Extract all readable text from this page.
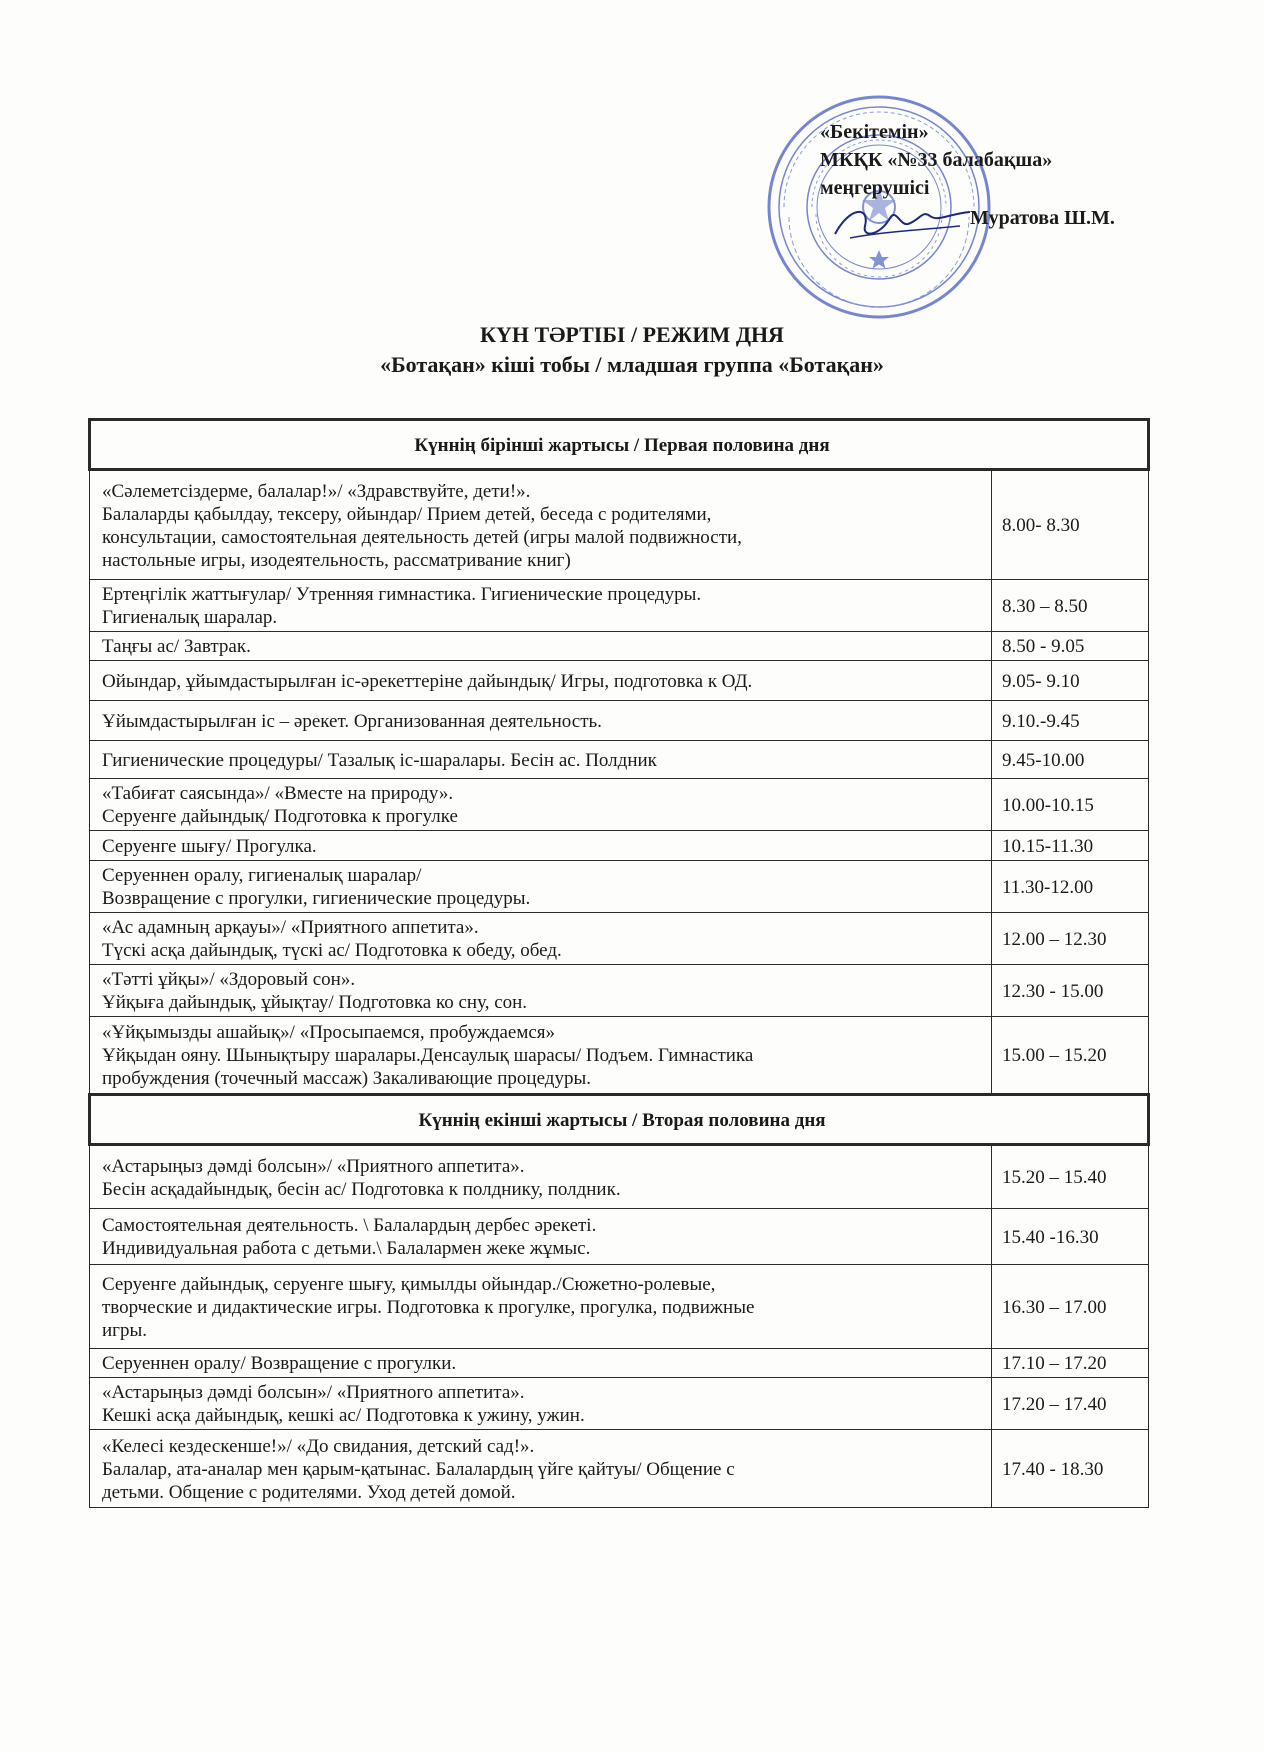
«Бекітемін»
МКҚК «№33 балабақша»
меңгерушісі
Муратова Ш.М.
КҮН ТӘРТІБІ / РЕЖИМ ДНЯ
«Ботақан» кіші тобы / младшая группа «Ботақан»
Күннің бірінші жартысы / Первая половина дня	

«Сәлеметсіздерме, балалар!»/ «Здравствуйте, дети!».
Балаларды қабылдау, тексеру, ойындар/ Прием детей, беседа с родителями,
консультации, самостоятельная деятельность детей (игры малой подвижности,
настольные игры, изодеятельность, рассматривание книг)	8.00- 8.30

Ертеңгілік жаттығулар/ Утренняя гимнастика. Гигиенические процедуры.
Гигиеналық шаралар.	8.30 – 8.50

Таңғы ас/ Завтрак.	8.50 - 9.05

Ойындар, ұйымдастырылған іс-әрекеттеріне дайындық/ Игры, подготовка к ОД.	9.05- 9.10

Ұйымдастырылған іс – әрекет. Организованная деятельность.	9.10.-9.45

Гигиенические процедуры/ Тазалық іс-шаралары. Бесін ас. Полдник	9.45-10.00

«Табиғат саясында»/ «Вместе на природу».
Серуенге дайындық/ Подготовка к прогулке	10.00-10.15

Серуенге шығу/ Прогулка.	10.15-11.30

Серуеннен оралу, гигиеналық шаралар/
Возвращение с прогулки, гигиенические процедуры.	11.30-12.00

«Ас адамның арқауы»/ «Приятного аппетита».
Түскі асқа дайындық, түскі ас/ Подготовка к обеду, обед.	12.00 – 12.30

«Тәтті ұйқы»/ «Здоровый сон».
Ұйқыға дайындық, ұйықтау/ Подготовка ко сну, сон.	12.30 - 15.00

«Ұйқымызды ашайық»/ «Просыпаемся, пробуждаемся»
Ұйқыдан ояну. Шынықтыру шаралары.Денсаулық шарасы/ Подъем. Гимнастика
пробуждения (точечный массаж) Закаливающие процедуры.	15.00 – 15.20
Күннің екінші жартысы / Вторая половина дня	

«Астарыңыз дәмді болсын»/ «Приятного аппетита».
Бесін асқадайындық, бесін ас/ Подготовка к полднику, полдник.	15.20 – 15.40

Самостоятельная деятельность. \ Балалардың дербес әрекеті.
Индивидуальная работа с детьми.\ Балалармен жеке жұмыс.	15.40 -16.30

Серуенге дайындық, серуенге шығу, қимылды ойындар./Сюжетно-ролевые,
творческие и дидактические игры. Подготовка к прогулке, прогулка, подвижные
игры.	16.30 – 17.00

Серуеннен оралу/ Возвращение с прогулки.	17.10 – 17.20

«Астарыңыз дәмді болсын»/ «Приятного аппетита».
Кешкі асқа дайындық, кешкі ас/ Подготовка к ужину, ужин.	17.20 – 17.40

«Келесі кездескенше!»/ «До свидания, детский сад!».
Балалар, ата-аналар мен қарым-қатынас. Балалардың үйге қайтуы/ Общение с
детьми. Общение с родителями. Уход детей домой.	17.40 - 18.30
